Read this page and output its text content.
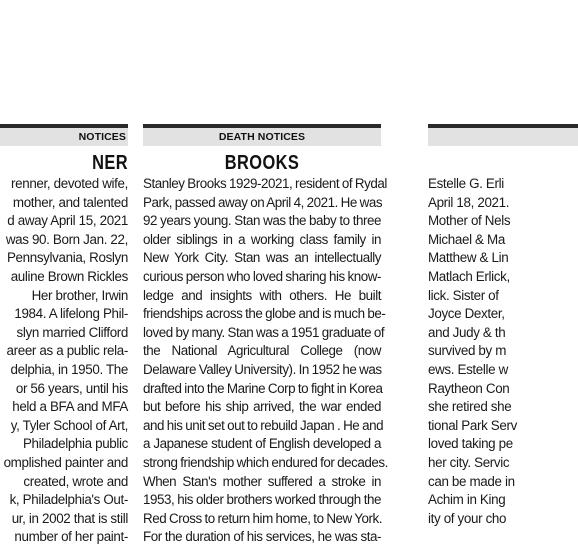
NOTICES
NER
renner, devoted wife,
mother, and talented
d away April 15, 2021
was 90. Born Jan. 22,
Pennsylvania, Roslyn
auline Brown Rickles
Her brother, Irwin
1984. A lifelong Phil-
slyn married Clifford
areer as a public rela-
delphia, in 1950. The
or 56 years, until his
held a BFA and MFA
y, Tyler School of Art,
Philadelphia public
omplished painter and
created, wrote and
k, Philadelphia's Out-
ur, in 2002 that is still
number of her paint-
DEATH NOTICES
BROOKS
Stanley Brooks 1929-2021, resident of Rydal
Park, passed away on April 4, 2021. He was
92 years young. Stan was the baby to three
older siblings in a working class family in
New York City. Stan was an intellectually
curious person who loved sharing his know-
ledge and insights with others. He built
friendships across the globe and is much be-
loved by many. Stan was a 1951 graduate of
the National Agricultural College (now
Delaware Valley University). In 1952 he was
drafted into the Marine Corp to fight in Korea
but before his ship arrived, the war ended
and his unit set out to rebuild Japan . He and
a Japanese student of English developed a
strong friendship which endured for decades.
When Stan's mother suffered a stroke in
1953, his older brothers worked through the
Red Cross to return him home, to New York.
For the duration of his services, he was sta-
Estelle G. Erli
April 18, 2021.
Mother of Nels
Michael & Ma
Matthew & Lin
Matlach Erlick,
lick. Sister of
Joyce Dexter,
and Judy & th
survived by m
ews. Estelle w
Raytheon Con
she retired she
tional Park Serv
loved taking pe
her city. Servic
can be made in
Achim in King
ity of your cho
